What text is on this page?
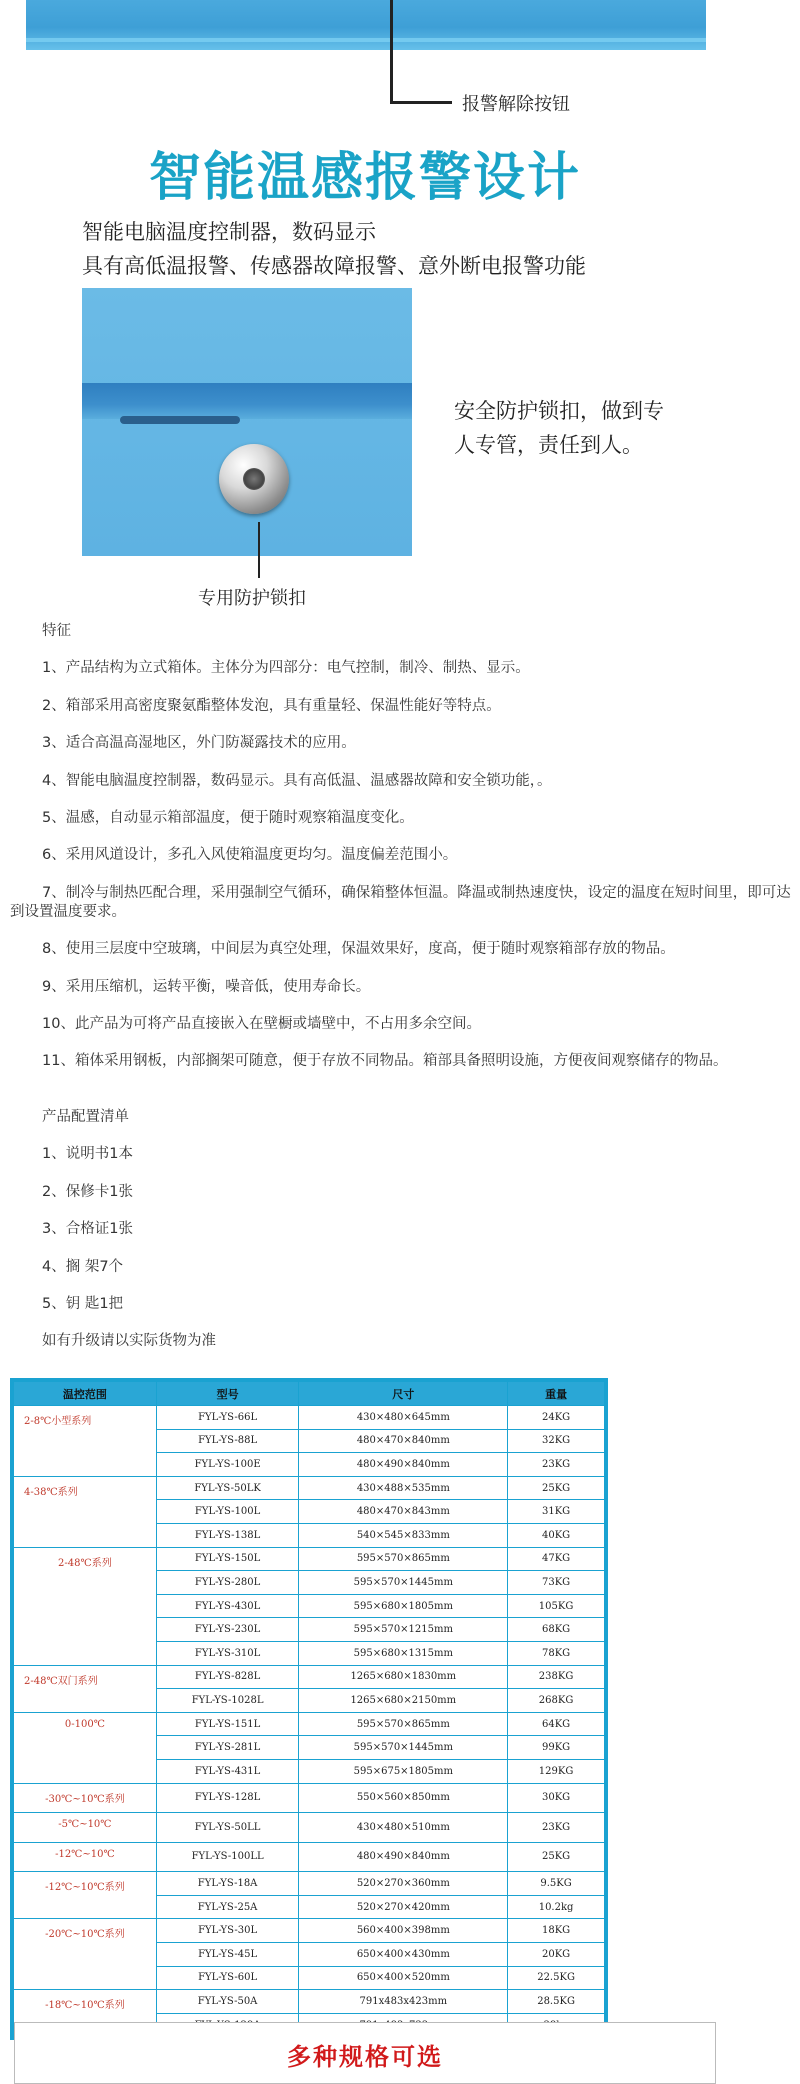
报警解除按钮
智能温感报警设计
智能电脑温度控制器，数码显示
具有高低温报警、传感器故障报警、意外断电报警功能
专用防护锁扣
安全防护锁扣，做到专
人专管，责任到人。

特征

1、产品结构为立式箱体。主体分为四部分：电气控制，制冷、制热、显示。

2、箱部采用高密度聚氨酯整体发泡，具有重量轻、保温性能好等特点。

3、适合高温高湿地区，外门防凝露技术的应用。

4、智能电脑温度控制器，数码显示。具有高低温、温感器故障和安全锁功能，。

5、温感，自动显示箱部温度，便于随时观察箱温度变化。

6、采用风道设计，多孔入风使箱温度更均匀。温度偏差范围小。

7、制冷与制热匹配合理，采用强制空气循环，确保箱整体恒温。降温或制热速度快，设定的温度在短时间里，即可达到设置温度要求。

8、使用三层度中空玻璃，中间层为真空处理，保温效果好，度高，便于随时观察箱部存放的物品。

9、采用压缩机，运转平衡，噪音低，使用寿命长。

10、此产品为可将产品直接嵌入在壁橱或墙壁中，不占用多余空间。

11、箱体采用钢板，内部搁架可随意，便于存放不同物品。箱部具备照明设施，方便夜间观察储存的物品。

产品配置清单

1、说明书1本

2、保修卡1张

3、合格证1张

4、搁 架7个

5、钥 匙1把

如有升级请以实际货物为准

温控范围	型号	尺寸	重量
2-8℃小型系列	FYL-YS-66L	430×480×645mm	24KG
	FYL-YS-88L	480×470×840mm	32KG
	FYL-YS-100E	480×490×840mm	23KG
4-38℃系列	FYL-YS-50LK	430×488×535mm	25KG
	FYL-YS-100L	480×470×843mm	31KG
	FYL-YS-138L	540×545×833mm	40KG
2-48℃系列	FYL-YS-150L	595×570×865mm	47KG
	FYL-YS-280L	595×570×1445mm	73KG
	FYL-YS-430L	595×680×1805mm	105KG
	FYL-YS-230L	595×570×1215mm	68KG
	FYL-YS-310L	595×680×1315mm	78KG
2-48℃双门系列	FYL-YS-828L	1265×680×1830mm	238KG
	FYL-YS-1028L	1265×680×2150mm	268KG
0-100℃	FYL-YS-151L	595×570×865mm	64KG
	FYL-YS-281L	595×570×1445mm	99KG
	FYL-YS-431L	595×675×1805mm	129KG
-30℃~10℃系列	FYL-YS-128L	550×560×850mm	30KG
-5℃~10℃	FYL-YS-50LL	430×480×510mm	23KG
-12℃~10℃	FYL-YS-100LL	480×490×840mm	25KG
-12℃~10℃系列	FYL-YS-18A	520×270×360mm	9.5KG
	FYL-YS-25A	520×270×420mm	10.2kg
-20℃~10℃系列	FYL-YS-30L	560×400×398mm	18KG
	FYL-YS-45L	650×400×430mm	20KG
	FYL-YS-60L	650×400×520mm	22.5KG
-18℃~10℃系列	FYL-YS-50A	791x483x423mm	28.5KG

多种规格可选
